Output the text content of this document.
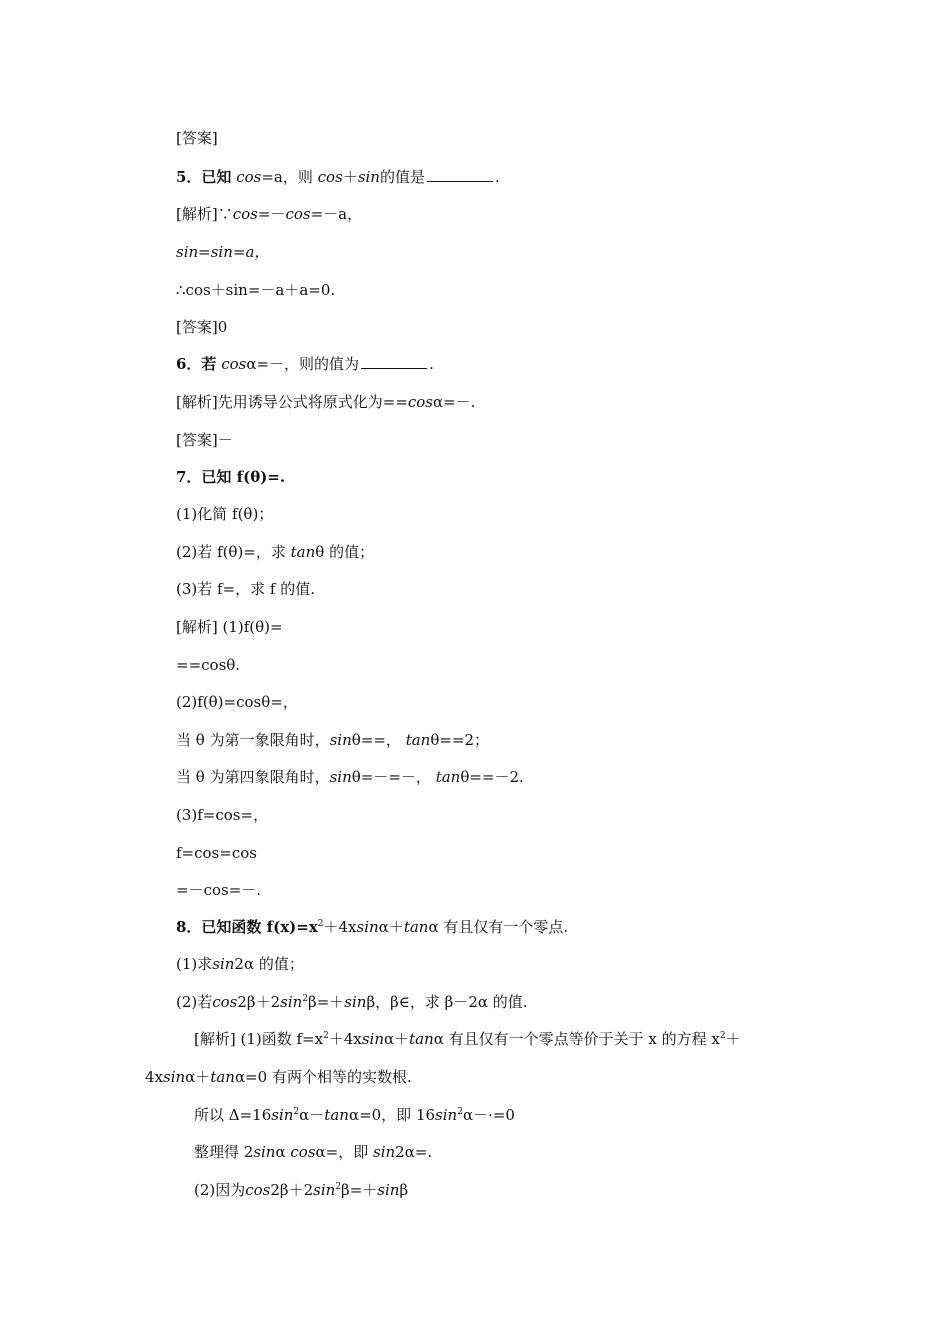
[答案]
5．已知 cos=a，则 cos＋sin的值是	.
[解析]∵cos=－cos=－a，
sin=sin=a，
∴cos＋sin=－a＋a=0.
[答案]0
6．若 cosα=－，则的值为	.
[解析]先用诱导公式将原式化为==cosα=－.
[答案]－
7．已知 f(θ)=.
(1)化简 f(θ)；
(2)若 f(θ)=，求 tanθ 的值；
(3)若 f=，求 f 的值.
[解析] (1)f(θ)=
==cosθ.
(2)f(θ)=cosθ=，
当 θ 为第一象限角时，sinθ==， tanθ==2；
当 θ 为第四象限角时，sinθ=－=－， tanθ==－2.
(3)f=cos=，
f=cos=cos
=－cos=－.
8．已知函数 $f(x)=x^2+4xsin\alpha+\tan\alpha$ 有且仅有一个零点.
(1)求sin2α 的值；
(2)若$\cos 2\beta+2\sin^2\beta=+\sin\beta$，β∈，求 β－2α 的值.
[解析] (1)函数 $f=x^2+4xsin\alpha+\tan\alpha$ 有且仅有一个零点等价于关于 x 的方程 $x^2+$
4xsinα＋tanα=0 有两个相等的实数根.
所以 $\Delta=16\sin^2\alpha-\tan\alpha=0$，即 $16\sin^2\alpha-\cdot=0$
整理得 2sinα cosα=，即 sin2α=.
(2)因为$\cos 2\beta+2\sin^2\beta=+\sin\beta$
